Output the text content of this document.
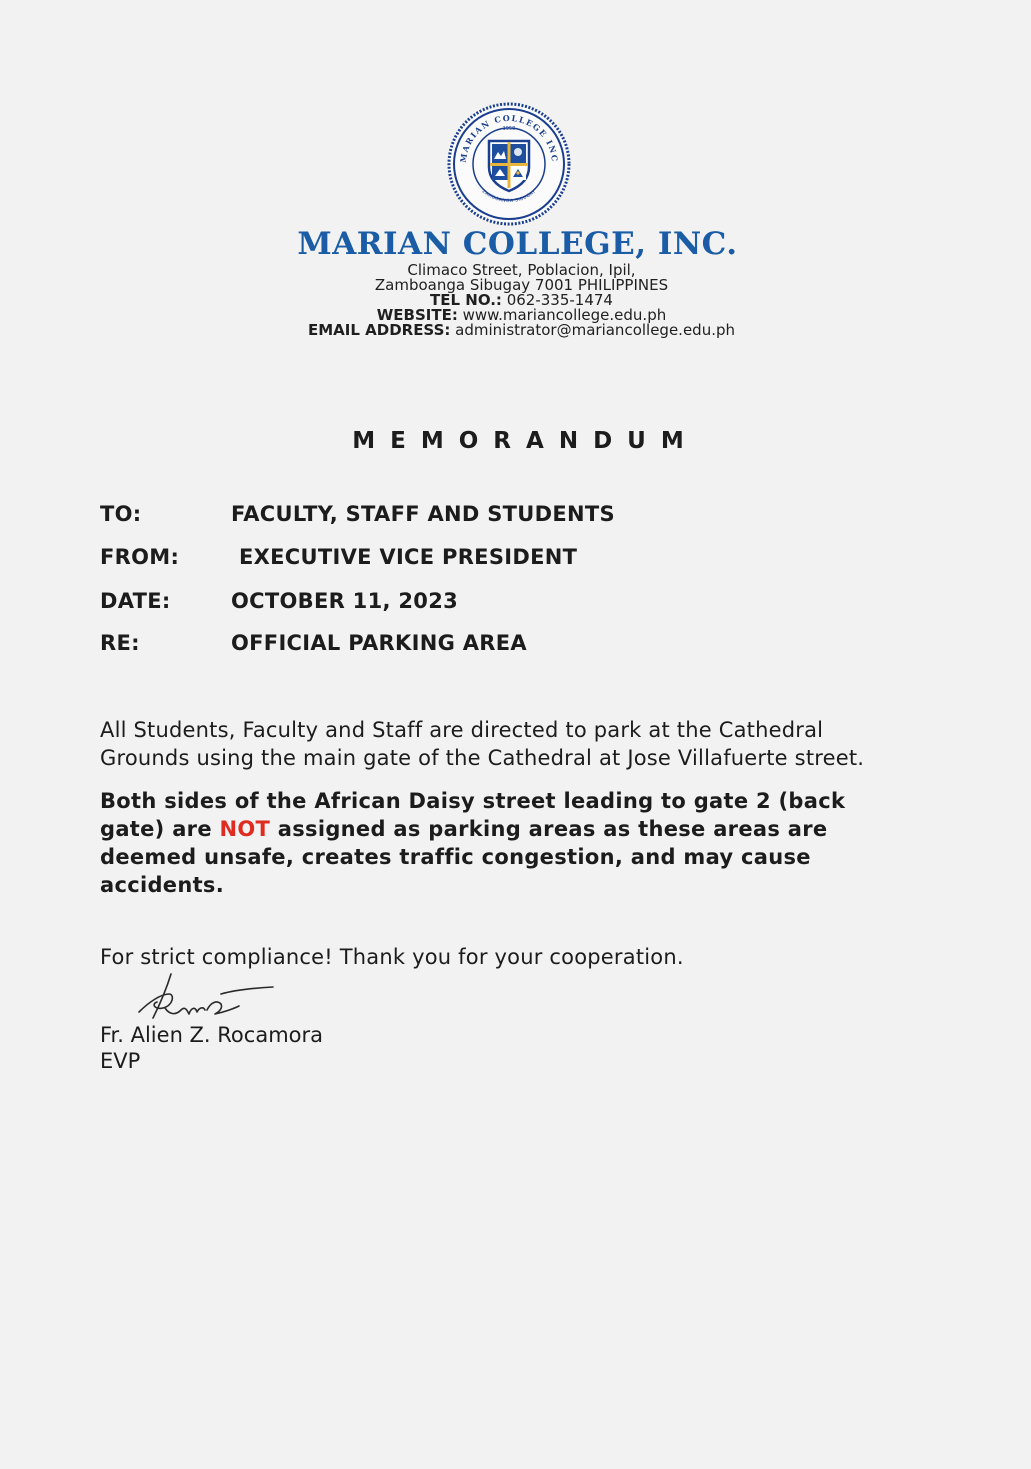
MARIAN COLLEGE INC
1958
ZAMBOANGA SIBUGAY
MARIAN COLLEGE, INC.
Climaco Street, Poblacion, Ipil,
Zamboanga Sibugay 7001 PHILIPPINES
TEL NO.: 062-335-1474
WEBSITE: www.mariancollege.edu.ph
EMAIL ADDRESS: administrator@mariancollege.edu.ph
MEMORANDUM
TO:	FACULTY, STAFF AND STUDENTS
FROM:	EXECUTIVE VICE PRESIDENT
DATE:	OCTOBER 11, 2023
RE:	OFFICIAL PARKING AREA
All Students, Faculty and Staff are directed to park at the Cathedral
Grounds using the main gate of the Cathedral at Jose Villafuerte street.
Both sides of the African Daisy street leading to gate 2 (back
gate) are NOT assigned as parking areas as these areas are
deemed unsafe, creates traffic congestion, and may cause
accidents.
For strict compliance! Thank you for your cooperation.
Fr. Alien Z. Rocamora
EVP
